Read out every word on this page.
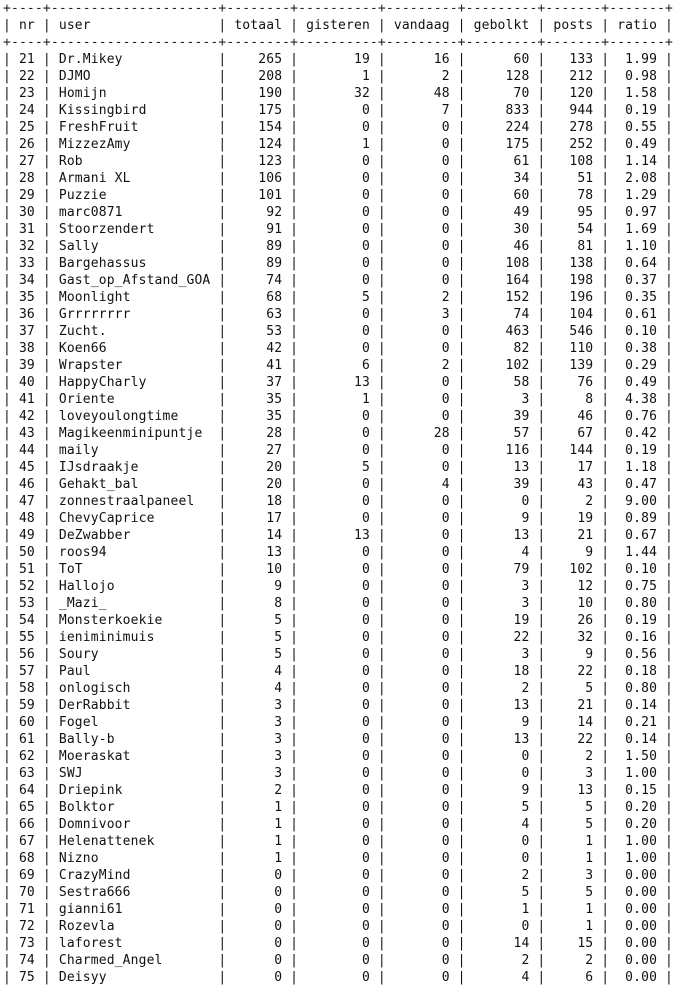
+----+---------------------+--------+----------+---------+---------+-------+-------+
| nr | user                | totaal | gisteren | vandaag | gebolkt | posts | ratio |
+----+---------------------+--------+----------+---------+---------+-------+-------+
| 21 | Dr.Mikey            |    265 |       19 |      16 |      60 |   133 |  1.99 |
| 22 | DJMO                |    208 |        1 |       2 |     128 |   212 |  0.98 |
| 23 | Homijn              |    190 |       32 |      48 |      70 |   120 |  1.58 |
| 24 | Kissingbird         |    175 |        0 |       7 |     833 |   944 |  0.19 |
| 25 | FreshFruit          |    154 |        0 |       0 |     224 |   278 |  0.55 |
| 26 | MizzezAmy           |    124 |        1 |       0 |     175 |   252 |  0.49 |
| 27 | Rob                 |    123 |        0 |       0 |      61 |   108 |  1.14 |
| 28 | Armani XL           |    106 |        0 |       0 |      34 |    51 |  2.08 |
| 29 | Puzzie              |    101 |        0 |       0 |      60 |    78 |  1.29 |
| 30 | marc0871            |     92 |        0 |       0 |      49 |    95 |  0.97 |
| 31 | Stoorzendert        |     91 |        0 |       0 |      30 |    54 |  1.69 |
| 32 | Sally               |     89 |        0 |       0 |      46 |    81 |  1.10 |
| 33 | Bargehassus         |     89 |        0 |       0 |     108 |   138 |  0.64 |
| 34 | Gast_op_Afstand_GOA |     74 |        0 |       0 |     164 |   198 |  0.37 |
| 35 | Moonlight           |     68 |        5 |       2 |     152 |   196 |  0.35 |
| 36 | Grrrrrrrr           |     63 |        0 |       3 |      74 |   104 |  0.61 |
| 37 | Zucht.              |     53 |        0 |       0 |     463 |   546 |  0.10 |
| 38 | Koen66              |     42 |        0 |       0 |      82 |   110 |  0.38 |
| 39 | Wrapster            |     41 |        6 |       2 |     102 |   139 |  0.29 |
| 40 | HappyCharly         |     37 |       13 |       0 |      58 |    76 |  0.49 |
| 41 | Oriente             |     35 |        1 |       0 |       3 |     8 |  4.38 |
| 42 | loveyoulongtime     |     35 |        0 |       0 |      39 |    46 |  0.76 |
| 43 | Magikeenminipuntje  |     28 |        0 |      28 |      57 |    67 |  0.42 |
| 44 | maily               |     27 |        0 |       0 |     116 |   144 |  0.19 |
| 45 | IJsdraakje          |     20 |        5 |       0 |      13 |    17 |  1.18 |
| 46 | Gehakt_bal          |     20 |        0 |       4 |      39 |    43 |  0.47 |
| 47 | zonnestraalpaneel   |     18 |        0 |       0 |       0 |     2 |  9.00 |
| 48 | ChevyCaprice        |     17 |        0 |       0 |       9 |    19 |  0.89 |
| 49 | DeZwabber           |     14 |       13 |       0 |      13 |    21 |  0.67 |
| 50 | roos94              |     13 |        0 |       0 |       4 |     9 |  1.44 |
| 51 | ToT                 |     10 |        0 |       0 |      79 |   102 |  0.10 |
| 52 | Hallojo             |      9 |        0 |       0 |       3 |    12 |  0.75 |
| 53 | _Mazi_              |      8 |        0 |       0 |       3 |    10 |  0.80 |
| 54 | Monsterkoekie       |      5 |        0 |       0 |      19 |    26 |  0.19 |
| 55 | ieniminimuis        |      5 |        0 |       0 |      22 |    32 |  0.16 |
| 56 | Soury               |      5 |        0 |       0 |       3 |     9 |  0.56 |
| 57 | Paul                |      4 |        0 |       0 |      18 |    22 |  0.18 |
| 58 | onlogisch           |      4 |        0 |       0 |       2 |     5 |  0.80 |
| 59 | DerRabbit           |      3 |        0 |       0 |      13 |    21 |  0.14 |
| 60 | Fogel               |      3 |        0 |       0 |       9 |    14 |  0.21 |
| 61 | Bally-b             |      3 |        0 |       0 |      13 |    22 |  0.14 |
| 62 | Moeraskat           |      3 |        0 |       0 |       0 |     2 |  1.50 |
| 63 | SWJ                 |      3 |        0 |       0 |       0 |     3 |  1.00 |
| 64 | Driepink            |      2 |        0 |       0 |       9 |    13 |  0.15 |
| 65 | Bolktor             |      1 |        0 |       0 |       5 |     5 |  0.20 |
| 66 | Domnivoor           |      1 |        0 |       0 |       4 |     5 |  0.20 |
| 67 | Helenattenek        |      1 |        0 |       0 |       0 |     1 |  1.00 |
| 68 | Nizno               |      1 |        0 |       0 |       0 |     1 |  1.00 |
| 69 | CrazyMind           |      0 |        0 |       0 |       2 |     3 |  0.00 |
| 70 | Sestra666           |      0 |        0 |       0 |       5 |     5 |  0.00 |
| 71 | gianni61            |      0 |        0 |       0 |       1 |     1 |  0.00 |
| 72 | Rozevla             |      0 |        0 |       0 |       0 |     1 |  0.00 |
| 73 | laforest            |      0 |        0 |       0 |      14 |    15 |  0.00 |
| 74 | Charmed_Angel       |      0 |        0 |       0 |       2 |     2 |  0.00 |
| 75 | Deisyy              |      0 |        0 |       0 |       4 |     6 |  0.00 |
